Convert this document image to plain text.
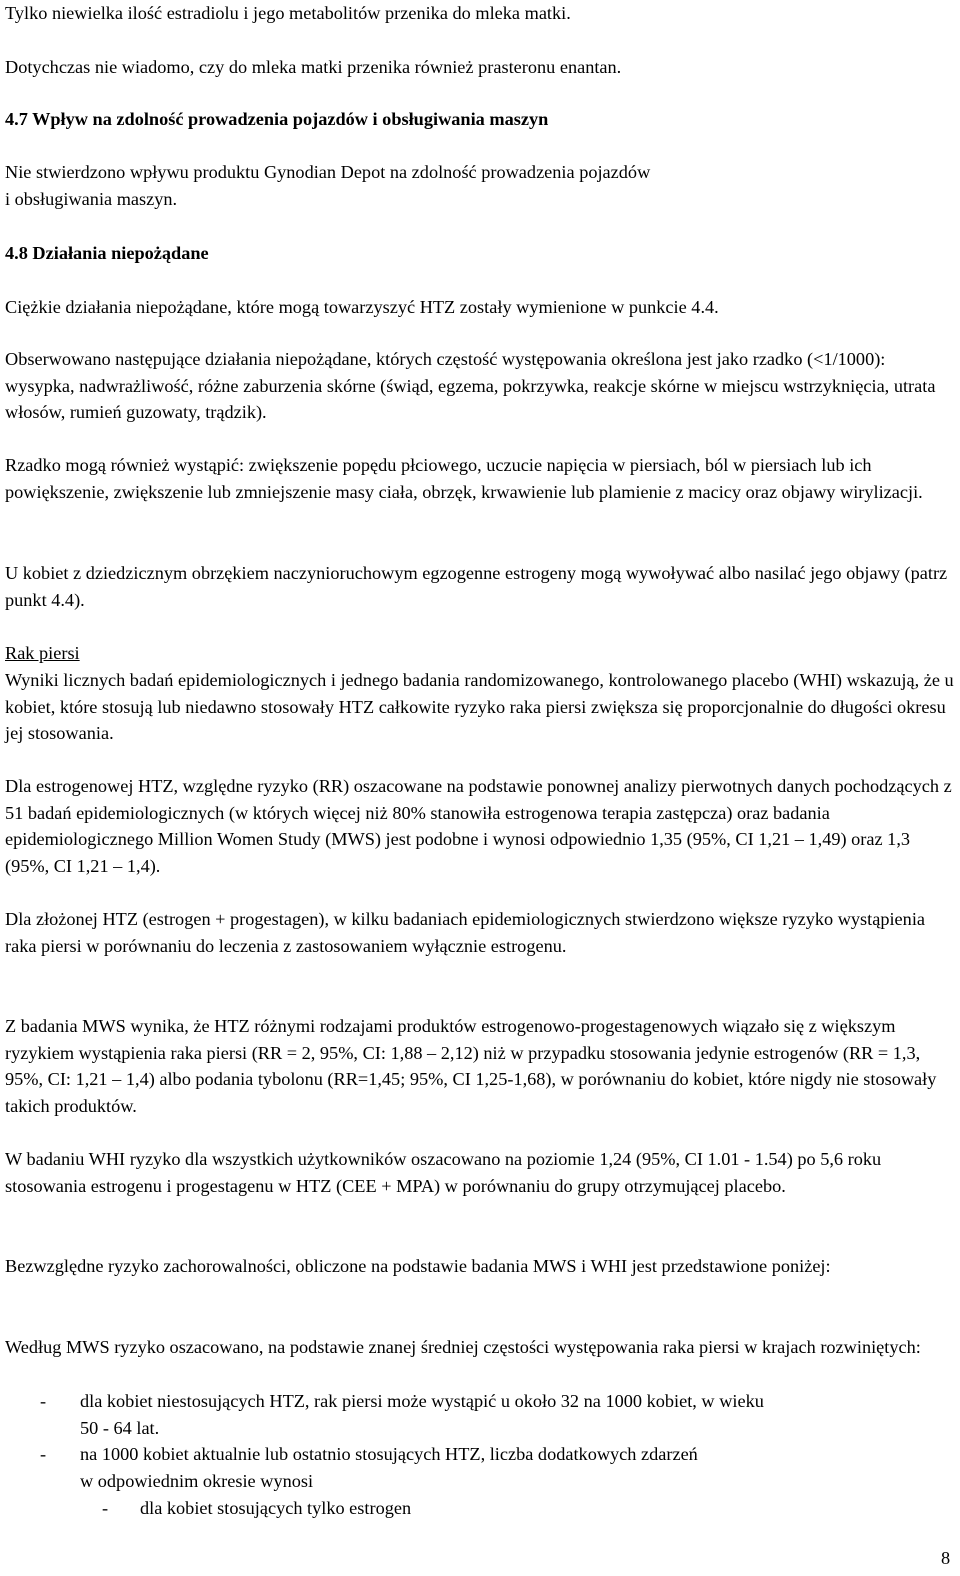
Tylko niewielka ilość estradiolu i jego metabolitów przenika do mleka matki.

Dotychczas nie wiadomo, czy do mleka matki przenika również prasteronu enantan.

4.7 Wpływ na zdolność prowadzenia pojazdów i obsługiwania maszyn

Nie stwierdzono wpływu produktu Gynodian Depot na zdolność prowadzenia pojazdów
i obsługiwania maszyn.

4.8 Działania niepożądane

Ciężkie działania niepożądane, które mogą towarzyszyć HTZ zostały wymienione w punkcie 4.4.

Obserwowano następujące działania niepożądane, których częstość występowania określona jest jako rzadko (<1/1000): wysypka, nadwrażliwość, różne zaburzenia skórne (świąd, egzema, pokrzywka, reakcje skórne w miejscu wstrzyknięcia, utrata włosów, rumień guzowaty, trądzik).

Rzadko mogą również wystąpić: zwiększenie popędu płciowego, uczucie napięcia w piersiach, ból w piersiach lub ich powiększenie, zwiększenie lub zmniejszenie masy ciała, obrzęk, krwawienie lub plamienie z macicy oraz objawy wirylizacji.

U kobiet z dziedzicznym obrzękiem naczynioruchowym egzogenne estrogeny mogą wywoływać albo nasilać jego objawy (patrz punkt 4.4).

Rak piersi

Wyniki licznych badań epidemiologicznych i jednego badania randomizowanego, kontrolowanego placebo (WHI) wskazują, że u kobiet, które stosują lub niedawno stosowały HTZ całkowite ryzyko raka piersi zwiększa się proporcjonalnie do długości okresu jej stosowania.

Dla estrogenowej HTZ, względne ryzyko (RR) oszacowane na podstawie ponownej analizy pierwotnych danych pochodzących z 51 badań epidemiologicznych (w których więcej niż 80% stanowiła estrogenowa terapia zastępcza) oraz badania epidemiologicznego Million Women Study (MWS) jest podobne i wynosi odpowiednio 1,35 (95%, CI 1,21 – 1,49) oraz 1,3 (95%, CI 1,21 – 1,4).

Dla złożonej HTZ (estrogen + progestagen), w kilku badaniach epidemiologicznych stwierdzono większe ryzyko wystąpienia raka piersi w porównaniu do leczenia z zastosowaniem wyłącznie estrogenu.

Z badania MWS wynika, że HTZ różnymi rodzajami produktów estrogenowo-progestagenowych wiązało się z większym ryzykiem wystąpienia raka piersi (RR = 2, 95%, CI: 1,88 – 2,12) niż w przypadku stosowania jedynie estrogenów (RR = 1,3, 95%, CI: 1,21 – 1,4) albo podania tybolonu (RR=1,45; 95%, CI 1,25-1,68), w porównaniu do kobiet, które nigdy nie stosowały takich produktów.

W badaniu WHI ryzyko dla wszystkich użytkowników oszacowano na poziomie 1,24 (95%, CI 1.01 - 1.54) po 5,6 roku stosowania estrogenu i progestagenu w HTZ (CEE + MPA) w porównaniu do grupy otrzymującej placebo.

Bezwzględne ryzyko zachorowalności, obliczone na podstawie badania MWS i WHI jest przedstawione poniżej:

Według MWS ryzyko oszacowano, na podstawie znanej średniej częstości występowania raka piersi w krajach rozwiniętych:

- dla kobiet niestosujących HTZ, rak piersi może wystąpić u około 32 na 1000 kobiet, w wieku
50 - 64 lat.
- na 1000 kobiet aktualnie lub ostatnio stosujących HTZ, liczba dodatkowych zdarzeń
w odpowiednim okresie wynosi
- dla kobiet stosujących tylko estrogen
8
